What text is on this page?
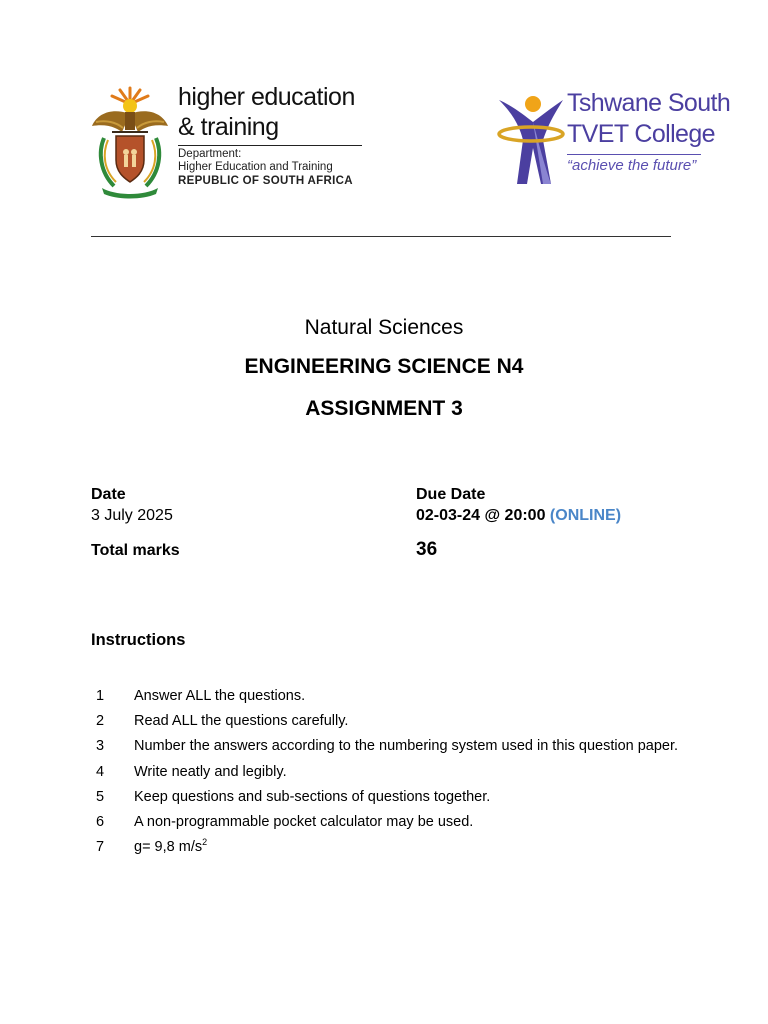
higher education
& training
Department:
Higher Education and Training
REPUBLIC OF SOUTH AFRICA
Tshwane South
TVET College
“achieve the future”
Natural Sciences
ENGINEERING SCIENCE N4
ASSIGNMENT 3
Date
3 July 2025
Due Date
02-03-24 @ 20:00 (ONLINE)
Total marks	36
Instructions
1 Answer ALL the questions.
2 Read ALL the questions carefully.
3 Number the answers according to the numbering system used in this question paper.
4 Write neatly and legibly.
5 Keep questions and sub-sections of questions together.
6 A non-programmable pocket calculator may be used.
7 g= 9,8 $m/s^2$
